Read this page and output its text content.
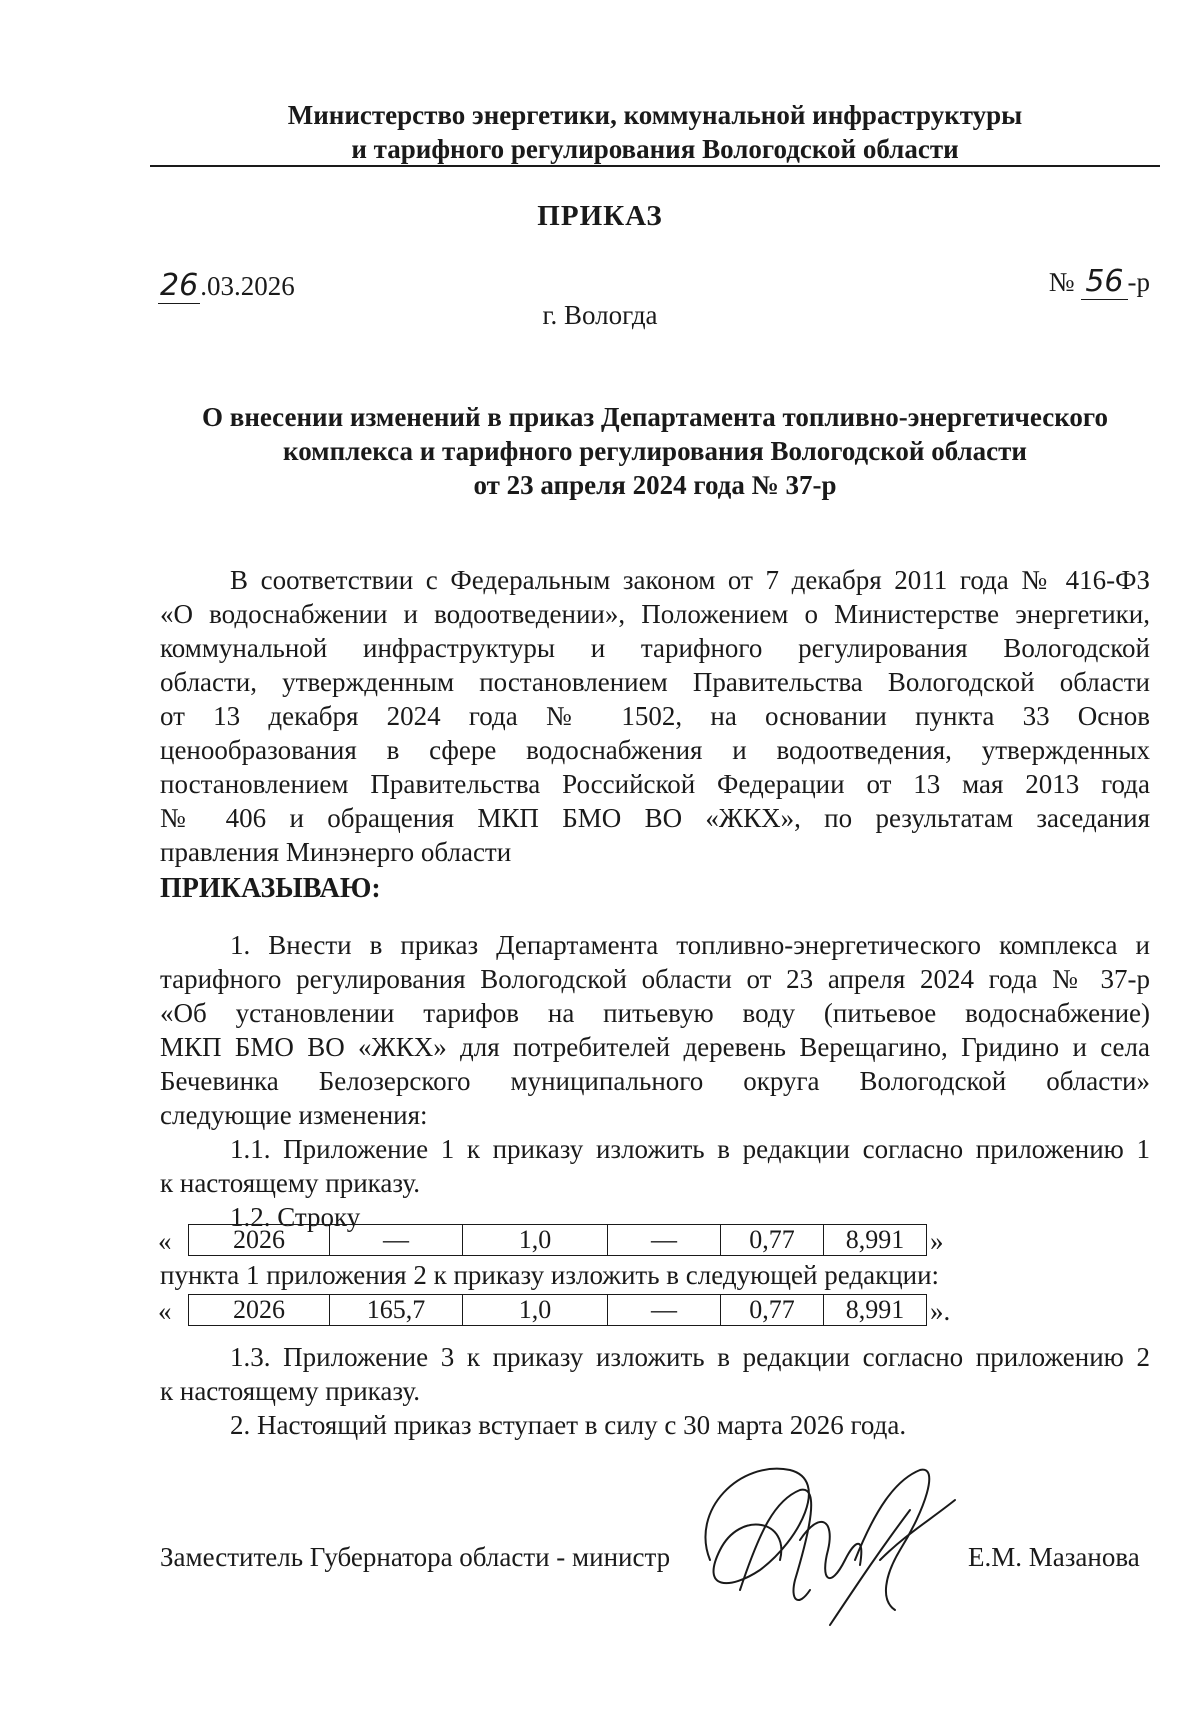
Министерство энергетики, коммунальной инфраструктуры
и тарифного регулирования Вологодской области
ПРИКАЗ
26.03.2026	№ 56 -р
г. Вологда
О внесении изменений в приказ Департамента топливно-энергетического
комплекса и тарифного регулирования Вологодской области
от 23 апреля 2024 года № 37-р
В соответствии с Федеральным законом от 7 декабря 2011 года № 416-ФЗ
«О водоснабжении и водоотведении», Положением о Министерстве энергетики,
коммунальной инфраструктуры и тарифного регулирования Вологодской
области, утвержденным постановлением Правительства Вологодской области
от 13 декабря 2024 года № 1502, на основании пункта 33 Основ
ценообразования в сфере водоснабжения и водоотведения, утвержденных
постановлением Правительства Российской Федерации от 13 мая 2013 года
№ 406 и обращения МКП БМО ВО «ЖКХ», по результатам заседания
правления Минэнерго области
ПРИКАЗЫВАЮ:
1. Внести в приказ Департамента топливно-энергетического комплекса и
тарифного регулирования Вологодской области от 23 апреля 2024 года № 37-р
«Об установлении тарифов на питьевую воду (питьевое водоснабжение)
МКП БМО ВО «ЖКХ» для потребителей деревень Верещагино, Гридино и села
Бечевинка Белозерского муниципального округа Вологодской области»
следующие изменения:
1.1. Приложение 1 к приказу изложить в редакции согласно приложению 1
к настоящему приказу.
1.2. Строку
« 2026	—	1,0	—	0,77	8,991 »
пункта 1 приложения 2 к приказу изложить в следующей редакции:
« 2026	165,7	1,0	—	0,77	8,991 ».
1.3. Приложение 3 к приказу изложить в редакции согласно приложению 2
к настоящему приказу.
2. Настоящий приказ вступает в силу с 30 марта 2026 года.
Заместитель Губернатора области - министр	Е.М. Мазанова
